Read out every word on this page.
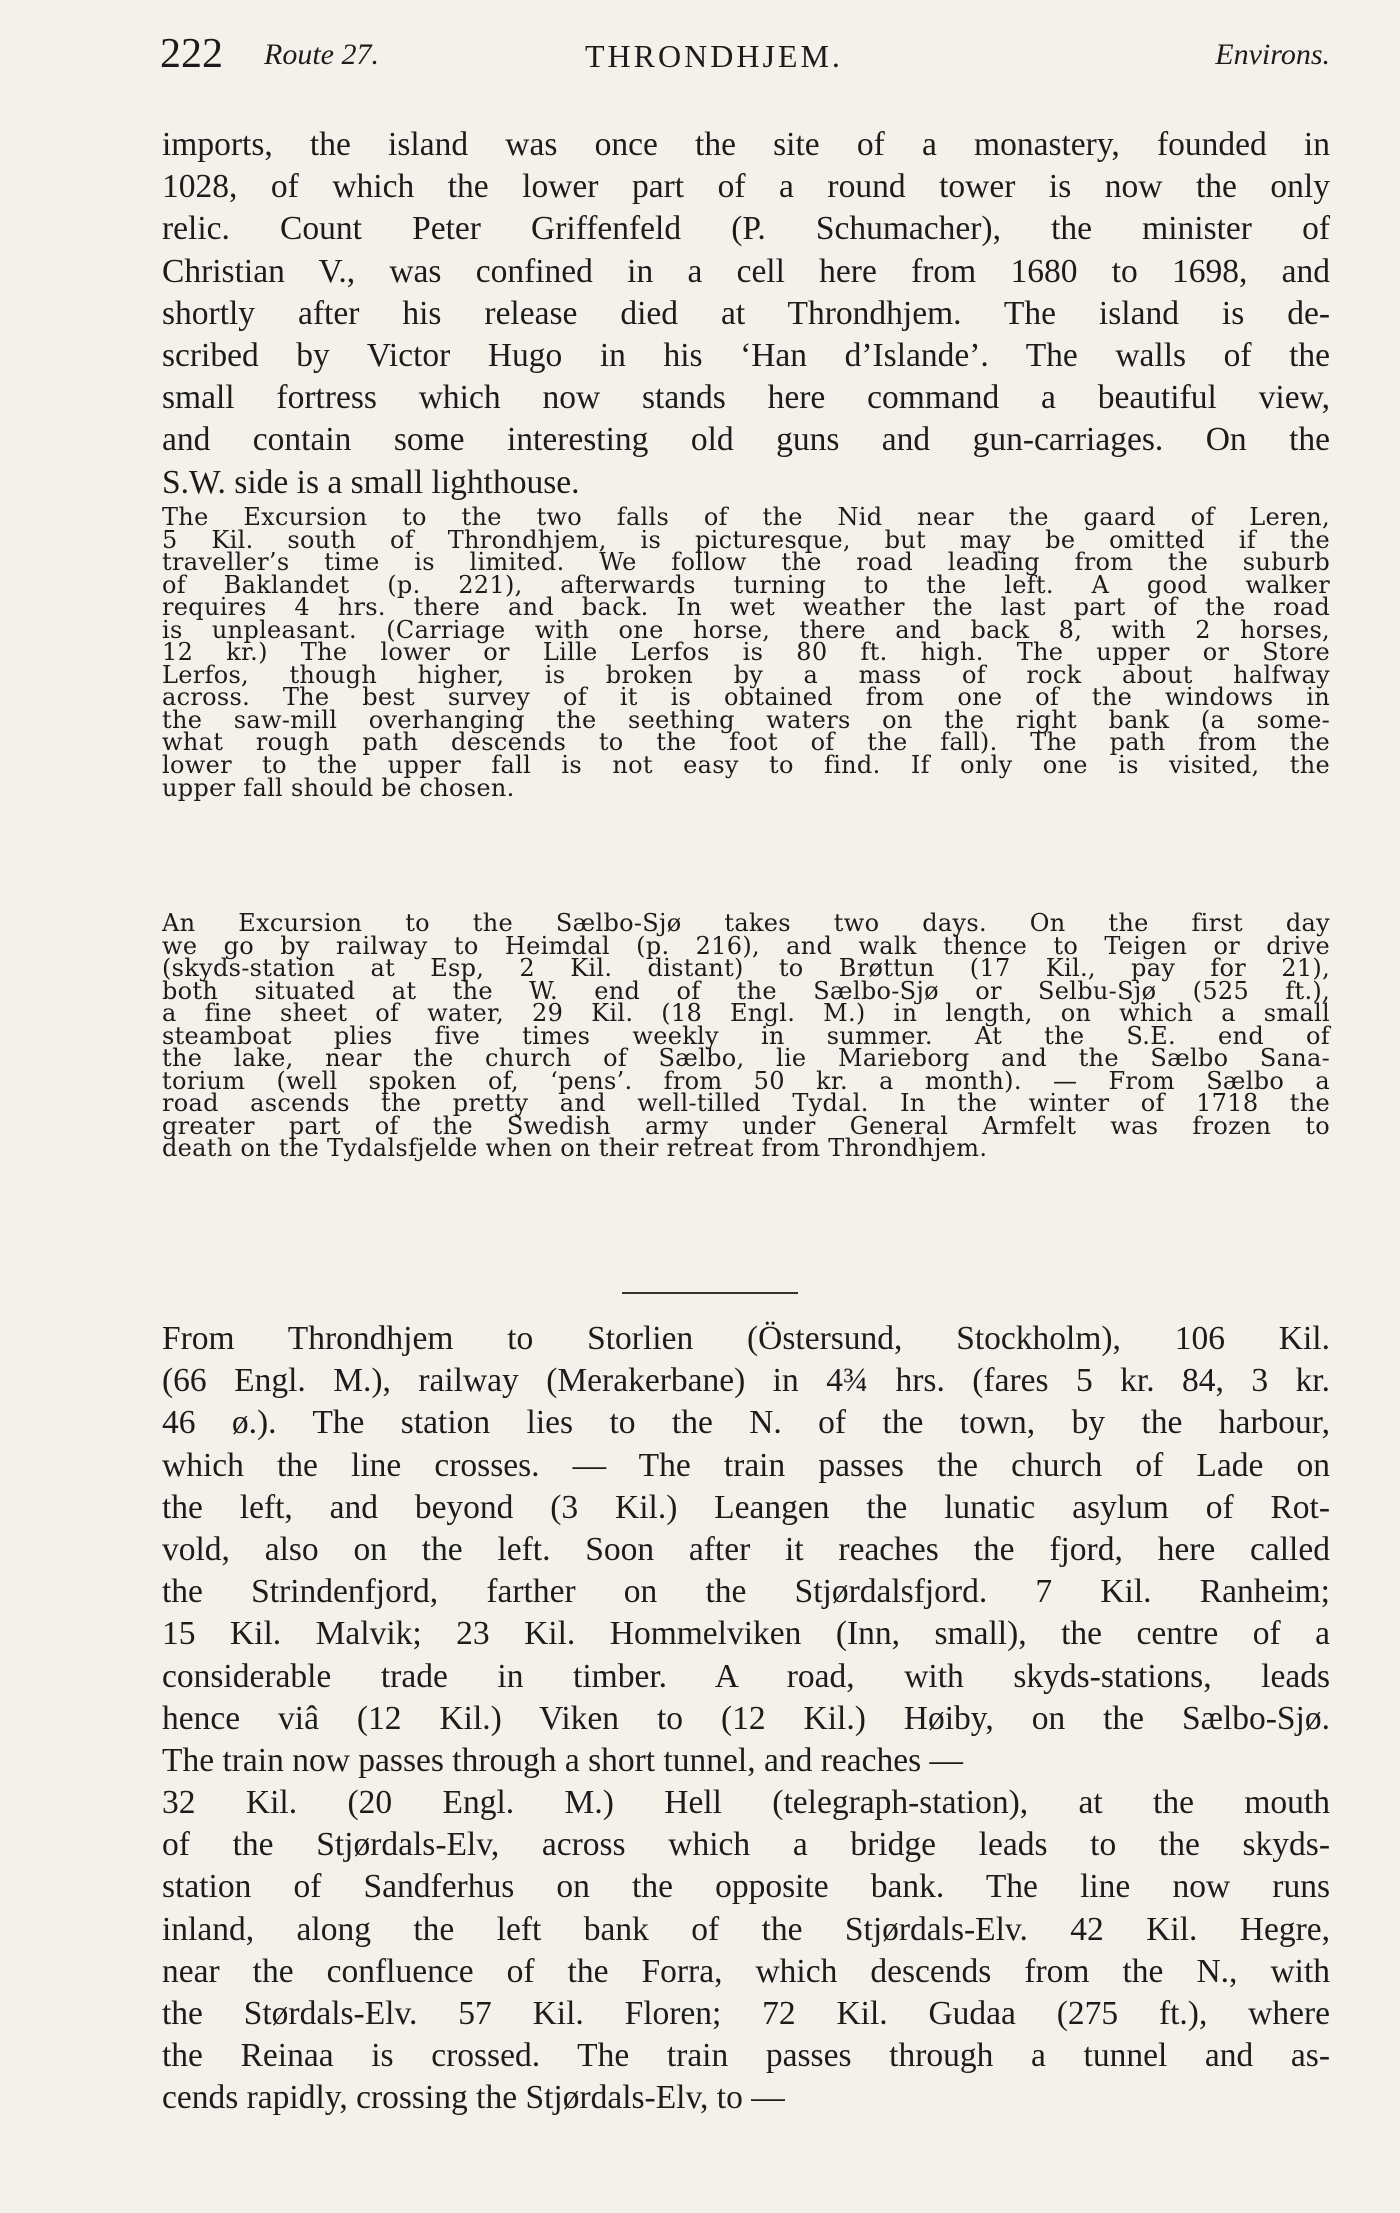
222 Route 27.	THRONDHJEM.	Environs.
imports, the island was once the site of a monastery, founded in
1028, of which the lower part of a round tower is now the only
relic. Count Peter Griffenfeld (P. Schumacher), the minister of
Christian V., was confined in a cell here from 1680 to 1698, and
shortly after his release died at Throndhjem. The island is de-
scribed by Victor Hugo in his ‘Han d’Islande’. The walls of the
small fortress which now stands here command a beautiful view,
and contain some interesting old guns and gun-carriages. On the
S.W. side is a small lighthouse.
The Excursion to the two falls of the Nid near the gaard of Leren,
5 Kil. south of Throndhjem, is picturesque, but may be omitted if the
traveller’s time is limited. We follow the road leading from the suburb
of Baklandet (p. 221), afterwards turning to the left. A good walker
requires 4 hrs. there and back. In wet weather the last part of the road
is unpleasant. (Carriage with one horse, there and back 8, with 2 horses,
12 kr.) The lower or Lille Lerfos is 80 ft. high. The upper or Store
Lerfos, though higher, is broken by a mass of rock about halfway
across. The best survey of it is obtained from one of the windows in
the saw-mill overhanging the seething waters on the right bank (a some-
what rough path descends to the foot of the fall). The path from the
lower to the upper fall is not easy to find. If only one is visited, the
upper fall should be chosen.
An Excursion to the Sælbo-Sjø takes two days. On the first day
we go by railway to Heimdal (p. 216), and walk thence to Teigen or drive
(skyds-station at Esp, 2 Kil. distant) to Brøttun (17 Kil., pay for 21),
both situated at the W. end of the Sælbo-Sjø or Selbu-Sjø (525 ft.),
a fine sheet of water, 29 Kil. (18 Engl. M.) in length, on which a small
steamboat plies five times weekly in summer. At the S.E. end of
the lake, near the church of Sælbo, lie Marieborg and the Sælbo Sana-
torium (well spoken of, ‘pens’. from 50 kr. a month). — From Sælbo a
road ascends the pretty and well-tilled Tydal. In the winter of 1718 the
greater part of the Swedish army under General Armfelt was frozen to
death on the Tydalsfjelde when on their retreat from Throndhjem.
From Throndhjem to Storlien (Östersund, Stockholm), 106 Kil.
(66 Engl. M.), railway (Merakerbane) in 4¾ hrs. (fares 5 kr. 84, 3 kr.
46 ø.). The station lies to the N. of the town, by the harbour,
which the line crosses. — The train passes the church of Lade on
the left, and beyond (3 Kil.) Leangen the lunatic asylum of Rot-
vold, also on the left. Soon after it reaches the fjord, here called
the Strindenfjord, farther on the Stjørdalsfjord. 7 Kil. Ranheim;
15 Kil. Malvik; 23 Kil. Hommelviken (Inn, small), the centre of a
considerable trade in timber. A road, with skyds-stations, leads
hence viâ (12 Kil.) Viken to (12 Kil.) Høiby, on the Sælbo-Sjø.
The train now passes through a short tunnel, and reaches —
32 Kil. (20 Engl. M.) Hell (telegraph-station), at the mouth
of the Stjørdals-Elv, across which a bridge leads to the skyds-
station of Sandferhus on the opposite bank. The line now runs
inland, along the left bank of the Stjørdals-Elv. 42 Kil. Hegre,
near the confluence of the Forra, which descends from the N., with
the Størdals-Elv. 57 Kil. Floren; 72 Kil. Gudaa (275 ft.), where
the Reinaa is crossed. The train passes through a tunnel and as-
cends rapidly, crossing the Stjørdals-Elv, to —
